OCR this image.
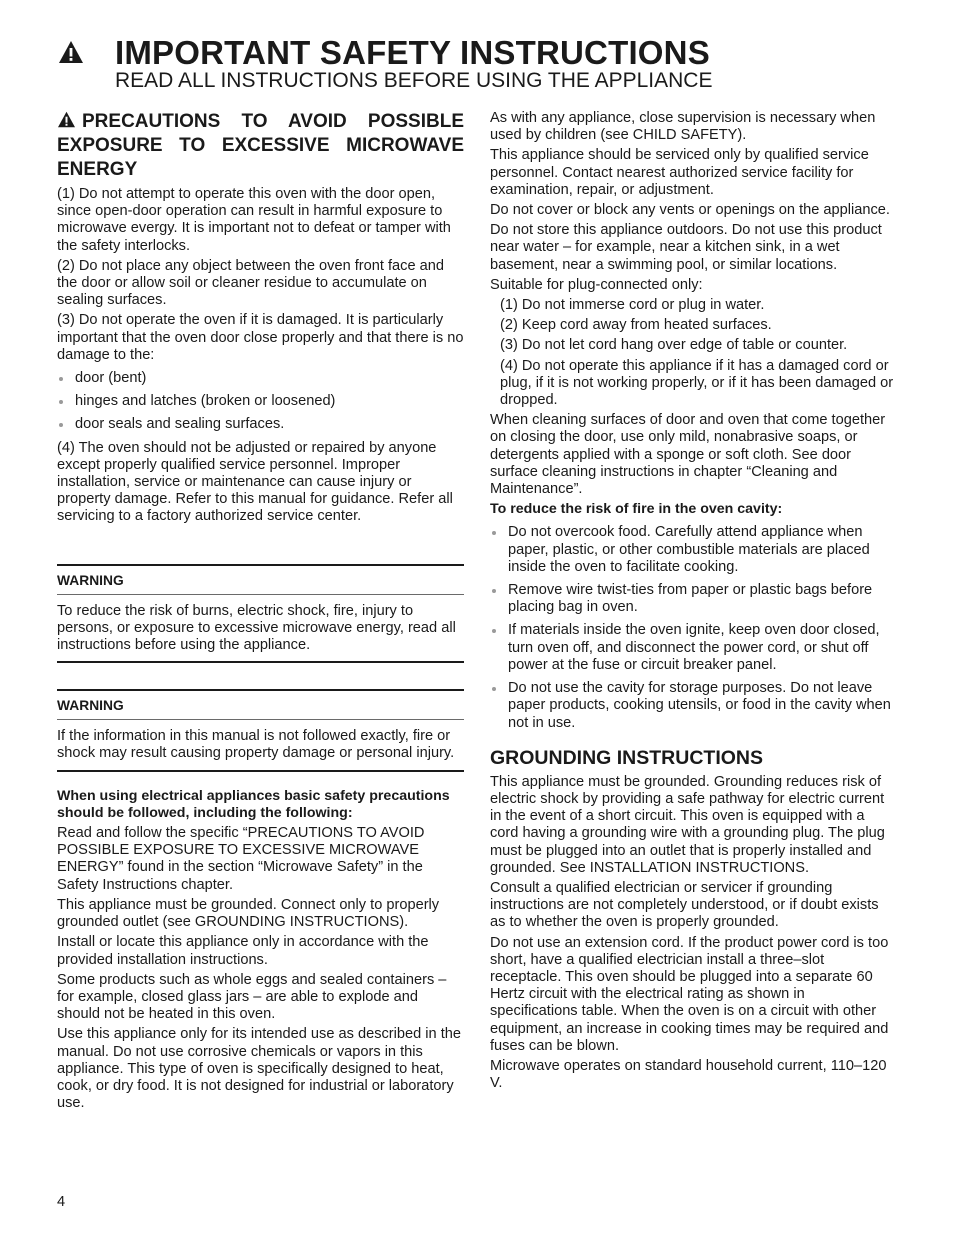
IMPORTANT SAFETY INSTRUCTIONS
READ ALL INSTRUCTIONS BEFORE USING THE APPLIANCE
PRECAUTIONS TO AVOID POSSIBLE EXPOSURE TO EXCESSIVE MICROWAVE ENERGY

(1) Do not attempt to operate this oven with the door open, since open-door operation can result in harmful exposure to microwave evergy. It is important not to defeat or tamper with the safety interlocks.

(2) Do not place any object between the oven front face and the door or allow soil or cleaner residue to accumulate on sealing surfaces.

(3) Do not operate the oven if it is damaged. It is particularly important that the oven door close properly and that there is no damage to the:

door (bent)
hinges and latches (broken or loosened)
door seals and sealing surfaces.

(4) The oven should not be adjusted or repaired by anyone except properly qualified service personnel. Improper installation, service or maintenance can cause injury or property damage. Refer to this manual for guidance. Refer all servicing to a factory authorized service center.

WARNING

To reduce the risk of burns, electric shock, fire, injury to persons, or exposure to excessive microwave energy, read all instructions before using the appliance.

WARNING

If the information in this manual is not followed exactly, fire or shock may result causing property damage or personal injury.

When using electrical appliances basic safety precautions should be followed, including the following:

Read and follow the specific “PRECAUTIONS TO AVOID POSSIBLE EXPOSURE TO EXCESSIVE MICROWAVE ENERGY” found in the section “Microwave Safety” in the Safety Instructions chapter.

This appliance must be grounded. Connect only to properly grounded outlet (see GROUNDING INSTRUCTIONS).

Install or locate this appliance only in accordance with the provided installation instructions.

Some products such as whole eggs and sealed containers – for example, closed glass jars – are able to explode and should not be heated in this oven.

Use this appliance only for its intended use as described in the manual. Do not use corrosive chemicals or vapors in this appliance. This type of oven is specifically designed to heat, cook, or dry food. It is not designed for industrial or laboratory use.

As with any appliance, close supervision is necessary when used by children (see CHILD SAFETY).

This appliance should be serviced only by qualified service personnel. Contact nearest authorized service facility for examination, repair, or adjustment.

Do not cover or block any vents or openings on the appliance.

Do not store this appliance outdoors. Do not use this product near water – for example, near a kitchen sink, in a wet basement, near a swimming pool, or similar locations.

Suitable for plug-connected only:

(1) Do not immerse cord or plug in water.

(2) Keep cord away from heated surfaces.

(3) Do not let cord hang over edge of table or counter.

(4) Do not operate this appliance if it has a damaged cord or plug, if it is not working properly, or if it has been damaged or dropped.

When cleaning surfaces of door and oven that come together on closing the door, use only mild, nonabrasive soaps, or detergents applied with a sponge or soft cloth. See door surface cleaning instructions in chapter “Cleaning and Maintenance”.

To reduce the risk of fire in the oven cavity:

Do not overcook food. Carefully attend appliance when paper, plastic, or other combustible materials are placed inside the oven to facilitate cooking.
Remove wire twist-ties from paper or plastic bags before placing bag in oven.
If materials inside the oven ignite, keep oven door closed, turn oven off, and disconnect the power cord, or shut off power at the fuse or circuit breaker panel.
Do not use the cavity for storage purposes. Do not leave paper products, cooking utensils, or food in the cavity when not in use.
GROUNDING INSTRUCTIONS

This appliance must be grounded. Grounding reduces risk of electric shock by providing a safe pathway for electric current in the event of a short circuit. This oven is equipped with a cord having a grounding wire with a grounding plug. The plug must be plugged into an outlet that is properly installed and grounded. See INSTALLATION INSTRUCTIONS.

Consult a qualified electrician or servicer if grounding instructions are not completely understood, or if doubt exists as to whether the oven is properly grounded.

Do not use an extension cord. If the product power cord is too short, have a qualified electrician install a three–slot receptacle. This oven should be plugged into a separate 60 Hertz circuit with the electrical rating as shown in specifications table. When the oven is on a circuit with other equipment, an increase in cooking times may be required and fuses can be blown.

Microwave operates on standard household current, 110–120 V.

4
